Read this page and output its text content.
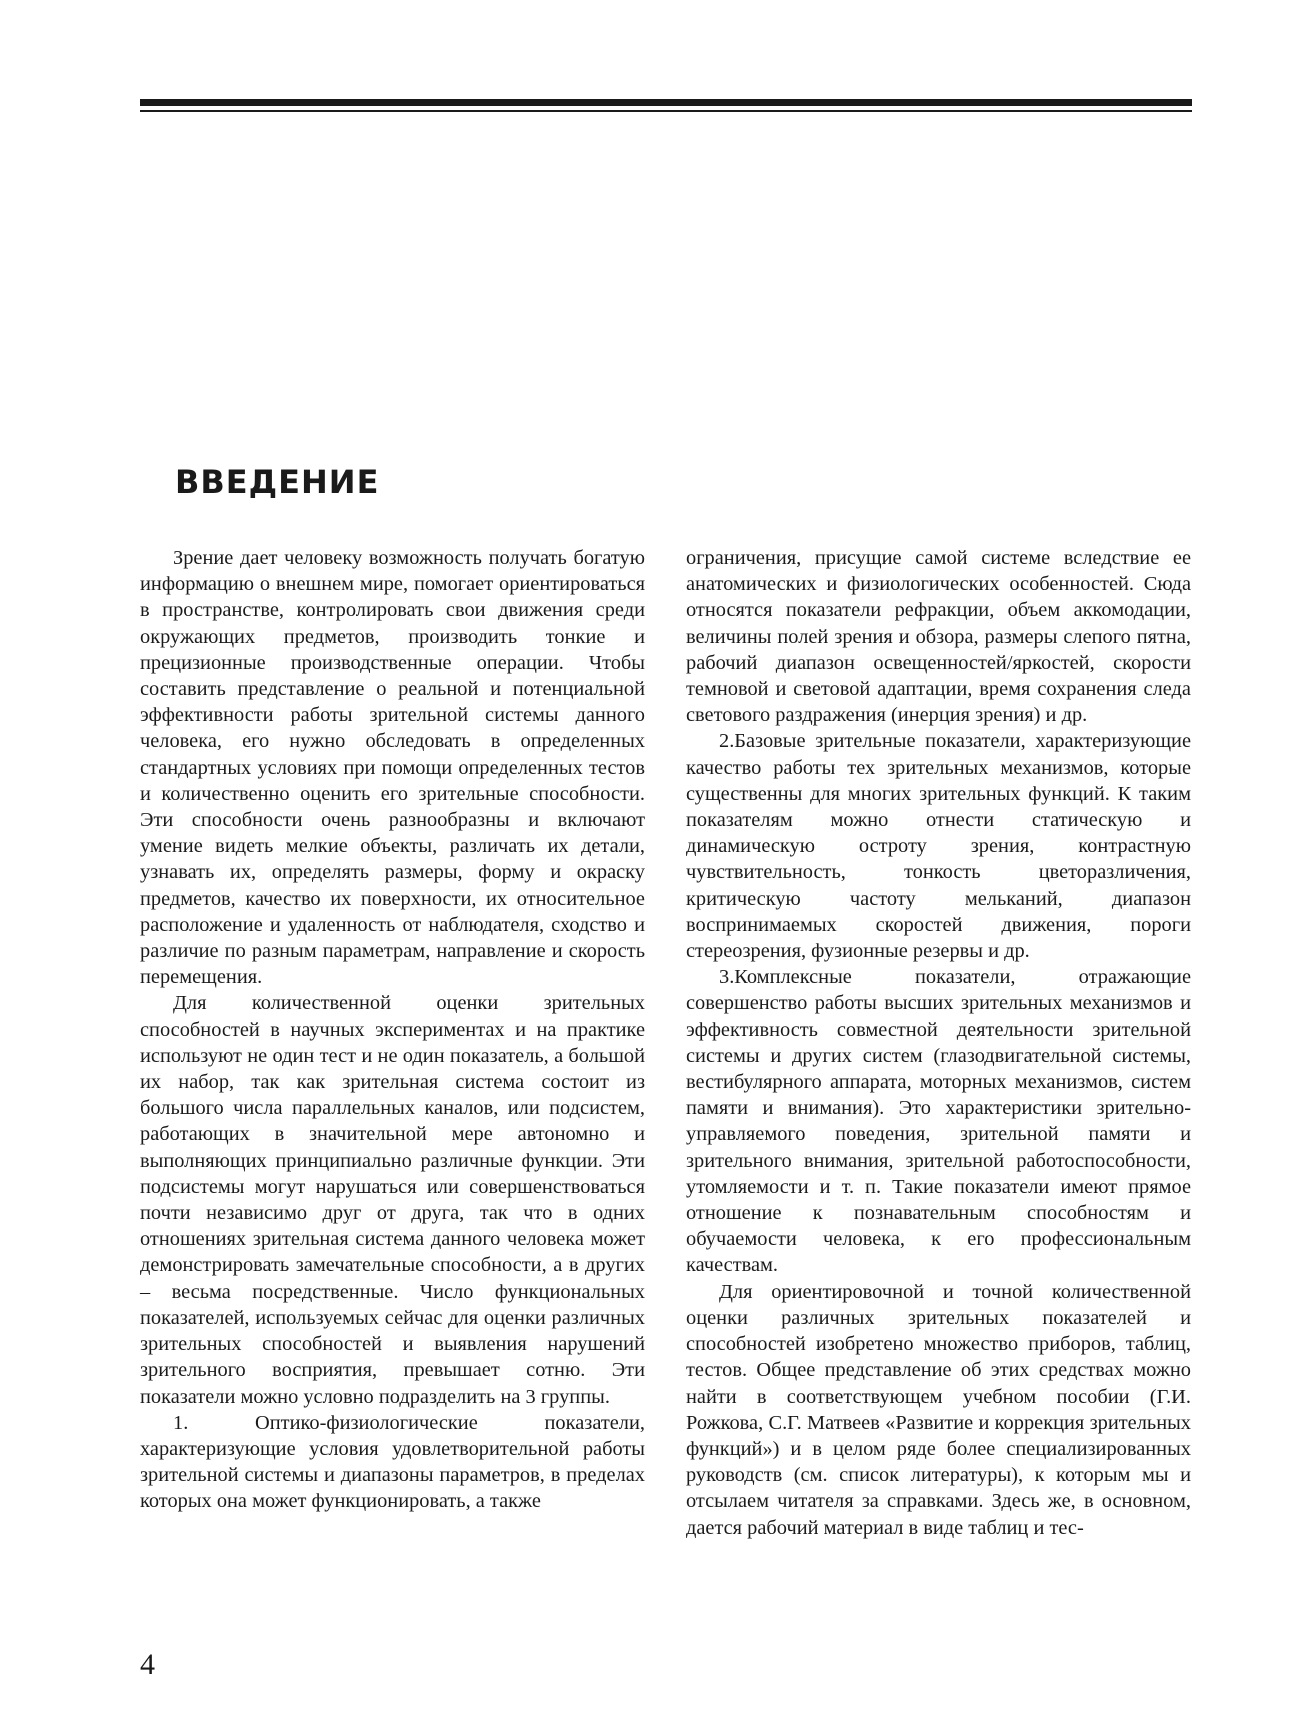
ВВЕДЕНИЕ

Зрение дает человеку возможность получать богатую информацию о внешнем мире, помогает ориентироваться в пространстве, контролировать свои движения среди окружающих предметов, производить тонкие и прецизионные производственные операции. Чтобы составить представление о реальной и потенциальной эффективности работы зрительной системы данного человека, его нужно обследовать в определенных стандартных условиях при помощи определенных тестов и количественно оценить его зрительные способности. Эти способности очень разнообразны и включают умение видеть мелкие объекты, различать их детали, узнавать их, определять размеры, форму и окраску предметов, качество их поверхности, их относительное расположение и удаленность от наблюдателя, сходство и различие по разным параметрам, направление и скорость перемещения.

Для количественной оценки зрительных способностей в научных экспериментах и на практике используют не один тест и не один показатель, а большой их набор, так как зрительная система состоит из большого числа параллельных каналов, или подсистем, работающих в значительной мере автономно и выполняющих принципиально различные функции. Эти подсистемы могут нарушаться или совершенствоваться почти независимо друг от друга, так что в одних отношениях зрительная система данного человека может демонстрировать замечательные способности, а в других – весьма посредственные. Число функциональных показателей, используемых сейчас для оценки различных зрительных способностей и выявления нарушений зрительного восприятия, превышает сотню. Эти показатели можно условно подразделить на 3 группы.

1. Оптико-физиологические показатели, характеризующие условия удовлетворительной работы зрительной системы и диапазоны параметров, в пределах которых она может функционировать, а также

ограничения, присущие самой системе вследствие ее анатомических и физиологических особенностей. Сюда относятся показатели рефракции, объем аккомодации, величины полей зрения и обзора, размеры слепого пятна, рабочий диапазон освещенностей/яркостей, скорости темновой и световой адаптации, время сохранения следа светового раздражения (инерция зрения) и др.

2.Базовые зрительные показатели, характеризующие качество работы тех зрительных механизмов, которые существенны для многих зрительных функций. К таким показателям можно отнести статическую и динамическую остроту зрения, контрастную чувствительность, тонкость цветоразличения, критическую частоту мельканий, диапазон воспринимаемых скоростей движения, пороги стереозрения, фузионные резервы и др.

3.Комплексные показатели, отражающие совершенство работы высших зрительных механизмов и эффективность совместной деятельности зрительной системы и других систем (глазодвигательной системы, вестибулярного аппарата, моторных механизмов, систем памяти и внимания). Это характеристики зрительно-управляемого поведения, зрительной памяти и зрительного внимания, зрительной работоспособности, утомляемости и т. п. Такие показатели имеют прямое отношение к познавательным способностям и обучаемости человека, к его профессиональным качествам.

Для ориентировочной и точной количественной оценки различных зрительных показателей и способностей изобретено множество приборов, таблиц, тестов. Общее представление об этих средствах можно найти в соответствующем учебном пособии (Г.И. Рожкова, С.Г. Матвеев «Развитие и коррекция зрительных функций») и в целом ряде более специализированных руководств (см. список литературы), к которым мы и отсылаем читателя за справками. Здесь же, в основном, дается рабочий материал в виде таблиц и тес-

4
